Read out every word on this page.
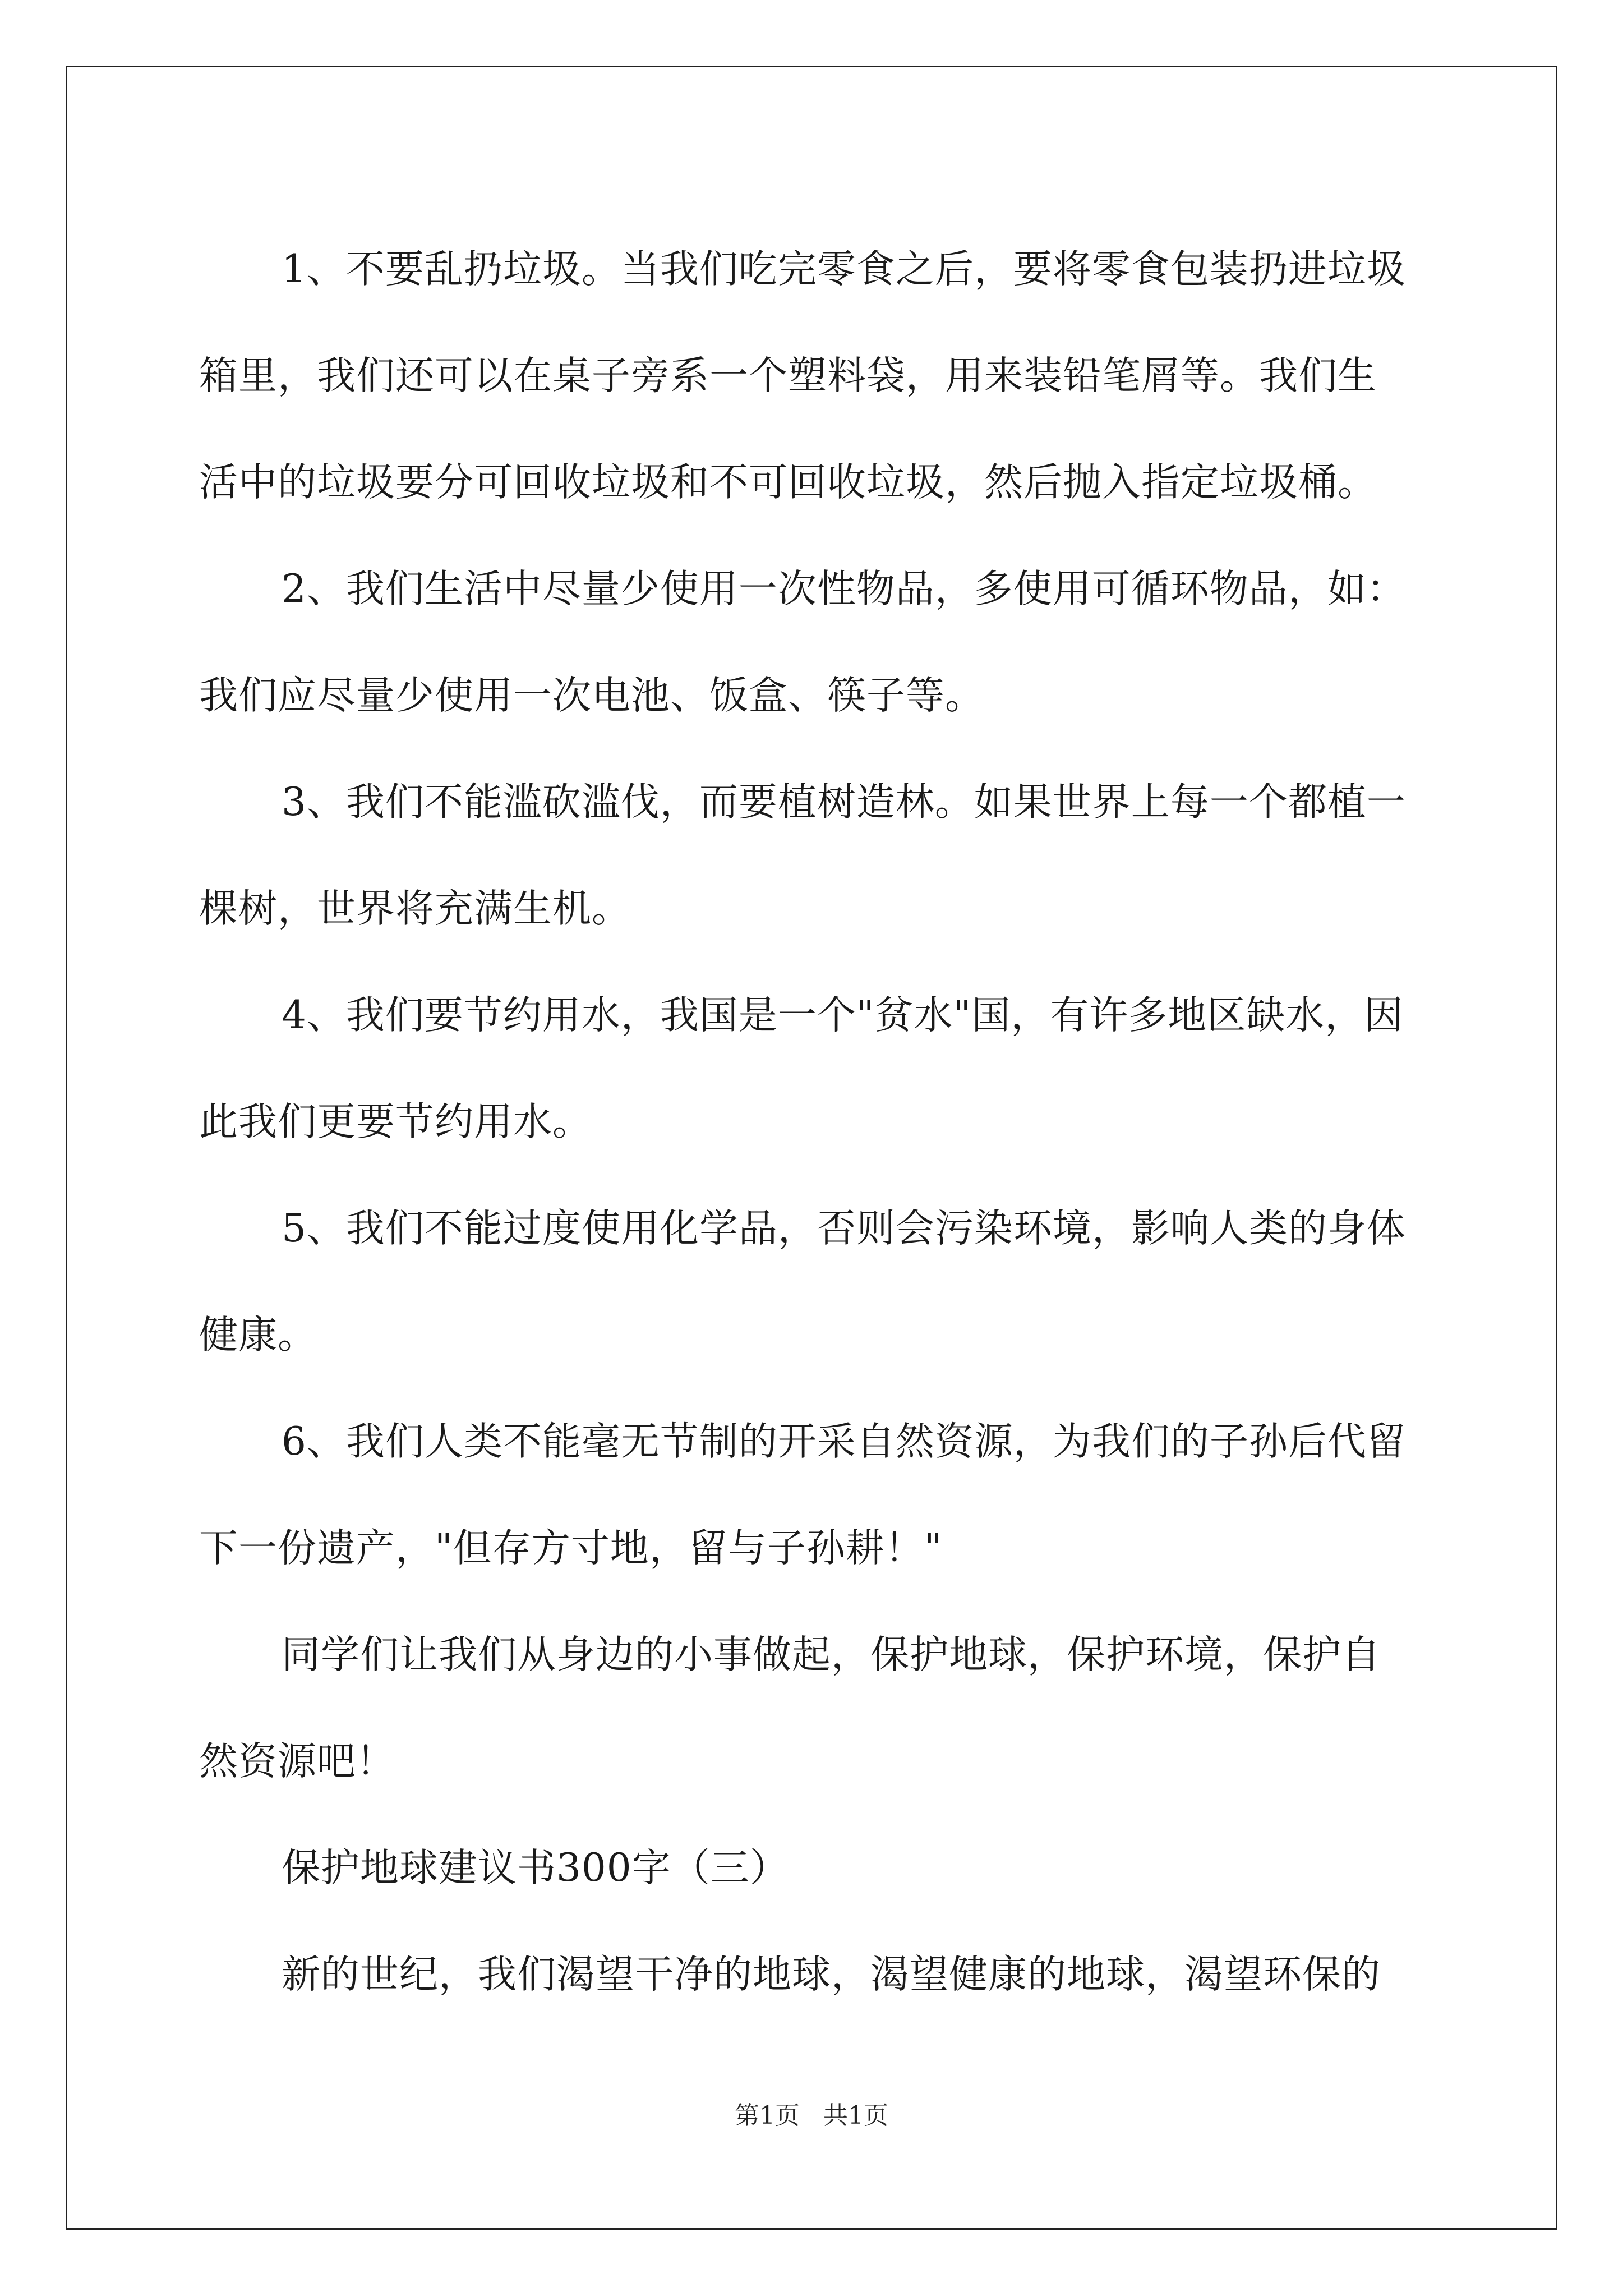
1、不要乱扔垃圾。当我们吃完零食之后，要将零食包装扔进垃圾
箱里，我们还可以在桌子旁系一个塑料袋，用来装铅笔屑等。我们生
活中的垃圾要分可回收垃圾和不可回收垃圾，然后抛入指定垃圾桶。
2、我们生活中尽量少使用一次性物品，多使用可循环物品，如：
我们应尽量少使用一次电池、饭盒、筷子等。
3、我们不能滥砍滥伐，而要植树造林。如果世界上每一个都植一
棵树，世界将充满生机。
4、我们要节约用水，我国是一个"贫水"国，有许多地区缺水，因
此我们更要节约用水。
5、我们不能过度使用化学品，否则会污染环境，影响人类的身体
健康。
6、我们人类不能毫无节制的开采自然资源，为我们的子孙后代留
下一份遗产，"但存方寸地，留与子孙耕！"
同学们让我们从身边的小事做起，保护地球，保护环境，保护自
然资源吧！
保护地球建议书300字（三）
新的世纪，我们渴望干净的地球，渴望健康的地球，渴望环保的
第1页   共1页
